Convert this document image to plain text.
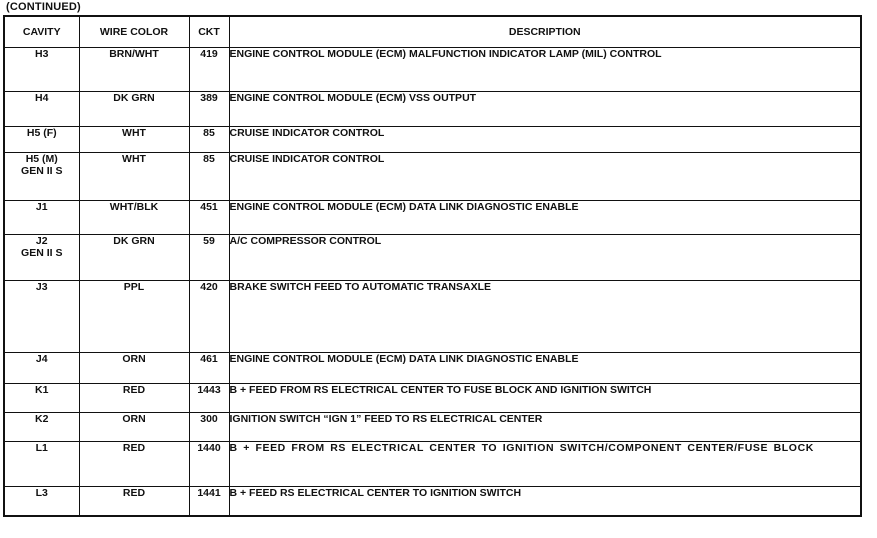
(CONTINUED)
CAVITY	WIRE COLOR	CKT	DESCRIPTION
H3	BRN/WHT	419	ENGINE CONTROL MODULE (ECM) MALFUNCTION INDICATOR LAMP (MIL) CONTROL
H4	DK GRN	389	ENGINE CONTROL MODULE (ECM) VSS OUTPUT
H5 (F)	WHT	85	CRUISE INDICATOR CONTROL

H5 (M)
GEN II S	WHT	85	CRUISE INDICATOR CONTROL
J1	WHT/BLK	451	ENGINE CONTROL MODULE (ECM) DATA LINK DIAGNOSTIC ENABLE

J2
GEN II S	DK GRN	59	A/C COMPRESSOR CONTROL
J3	PPL	420	BRAKE SWITCH FEED TO AUTOMATIC TRANSAXLE
J4	ORN	461	ENGINE CONTROL MODULE (ECM) DATA LINK DIAGNOSTIC ENABLE
K1	RED	1443	B + FEED FROM RS ELECTRICAL CENTER TO FUSE BLOCK AND IGNITION SWITCH
K2	ORN	300	IGNITION SWITCH “IGN 1” FEED TO RS ELECTRICAL CENTER
L1	RED	1440	B + FEED FROM RS ELECTRICAL CENTER TO IGNITION SWITCH/COMPONENT CENTER/FUSE BLOCK
L3	RED	1441	B + FEED RS ELECTRICAL CENTER TO IGNITION SWITCH
